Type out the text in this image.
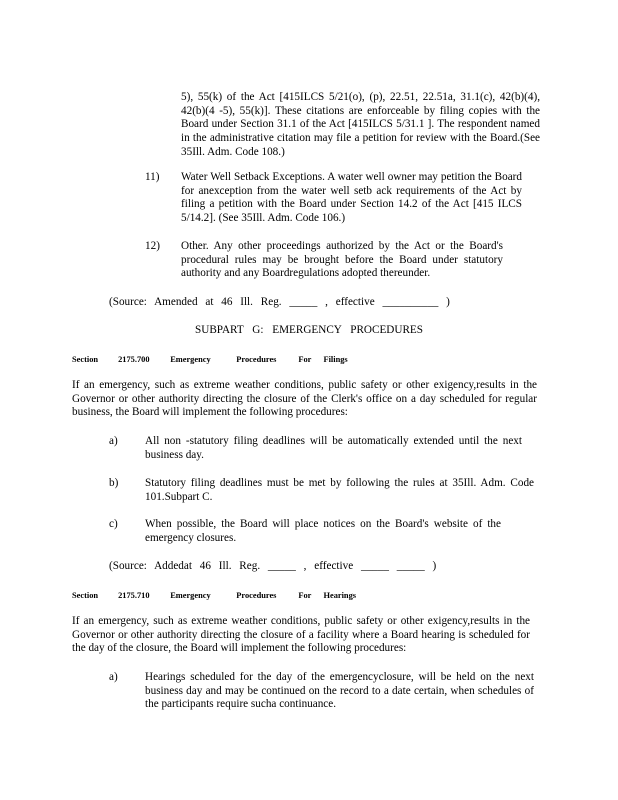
5), 55(k) of the Act [415ILCS 5/21(o), (p), 22.51, 22.51a, 31.1(c), 42(b)(4), 42(b)(4 -5), 55(k)]. These citations are enforceable by filing copies with the Board under Section 31.1 of the Act [415ILCS 5/31.1 ]. The respondent named in the administrative citation may file a petition for review with the Board.(See 35Ill. Adm. Code 108.)

11) Water Well Setback Exceptions. A water well owner may petition the Board for anexception from the water well setb ack requirements of the Act by filing a petition with the Board under Section 14.2 of the Act [415 ILCS 5/14.2]. (See 35Ill. Adm. Code 106.)

12) Other. Any other proceedings authorized by the Act or the Board's procedural rules may be brought before the Board under statutory authority and any Boardregulations adopted thereunder.

(Source: Amended at 46 Ill. Reg. _____ , effective __________ )

SUBPART G: EMERGENCY PROCEDURES

Section 2175.700 Emergency	Procedures	For Filings

If an emergency, such as extreme weather conditions, public safety or other exigency,results in the Governor or other authority directing the closure of the Clerk's office on a day scheduled for regular business, the Board will implement the following procedures:

a) All non -statutory filing deadlines will be automatically extended until the next business day.

b) Statutory filing deadlines must be met by following the rules at 35Ill. Adm. Code 101.Subpart C.

c) When possible, the Board will place notices on the Board's website of the emergency closures.

(Source: Addedat 46 Ill. Reg. _____ , effective _____ _____ )

Section 2175.710 Emergency	Procedures	For Hearings

If an emergency, such as extreme weather conditions, public safety or other exigency,results in the Governor or other authority directing the closure of a facility where a Board hearing is scheduled for the day of the closure, the Board will implement the following procedures:

a) Hearings scheduled for the day of the emergencyclosure, will be held on the next business day and may be continued on the record to a date certain, when schedules of the participants require sucha continuance.
